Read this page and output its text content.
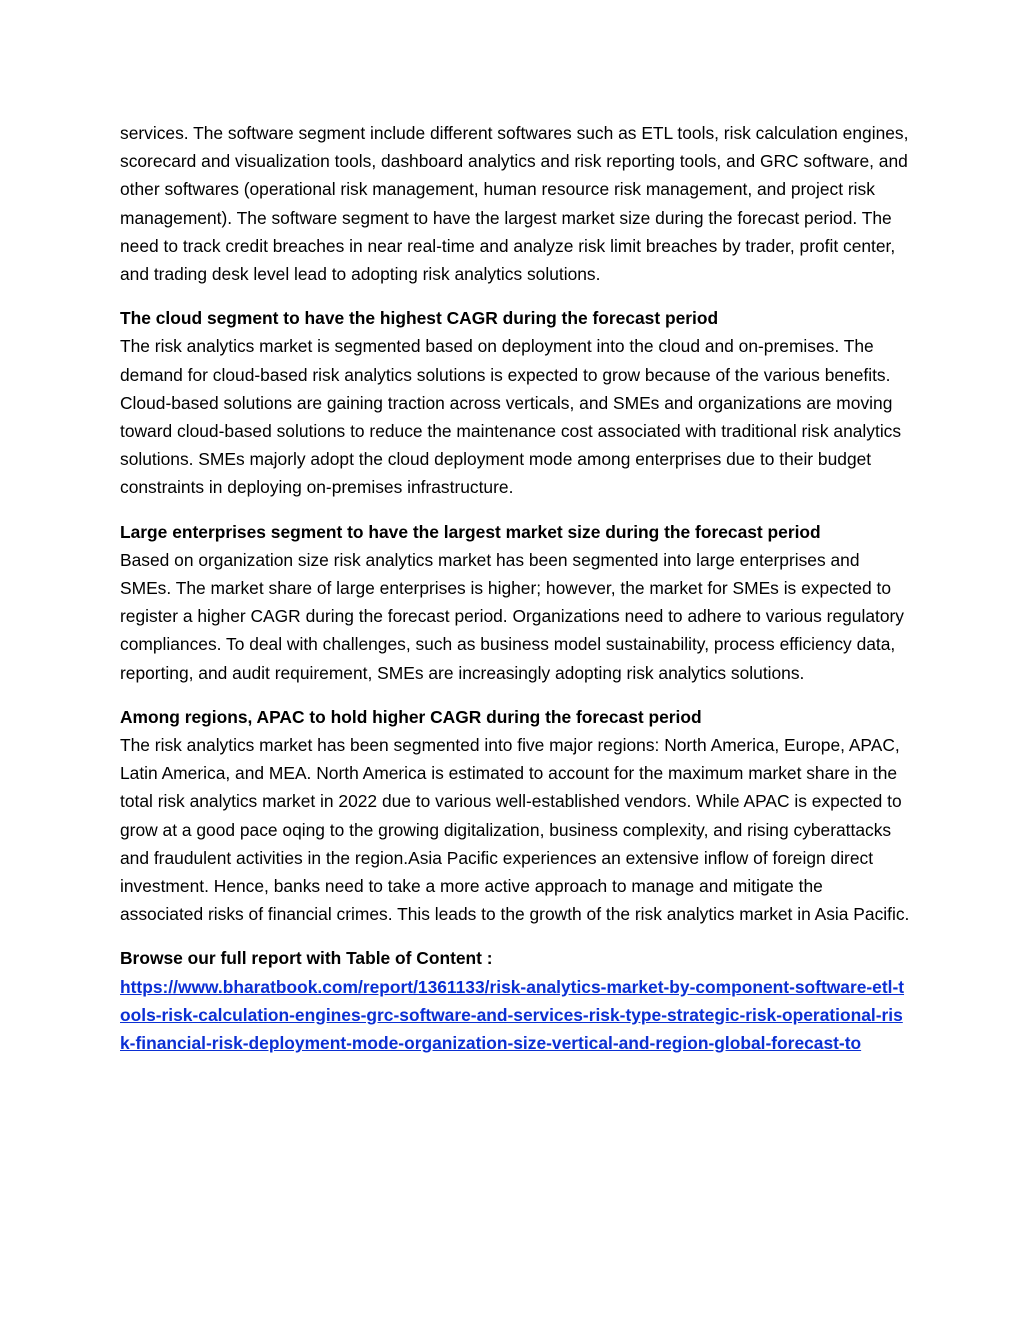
services. The software segment include different softwares such as ETL tools, risk calculation engines, scorecard and visualization tools, dashboard analytics and risk reporting tools, and GRC software, and other softwares (operational risk management, human resource risk management, and project risk management). The software segment to have the largest market size during the forecast period. The need to track credit breaches in near real-time and analyze risk limit breaches by trader, profit center, and trading desk level lead to adopting risk analytics solutions.

The cloud segment to have the highest CAGR during the forecast period
The risk analytics market is segmented based on deployment into the cloud and on-premises. The demand for cloud-based risk analytics solutions is expected to grow because of the various benefits. Cloud-based solutions are gaining traction across verticals, and SMEs and organizations are moving toward cloud-based solutions to reduce the maintenance cost associated with traditional risk analytics solutions. SMEs majorly adopt the cloud deployment mode among enterprises due to their budget constraints in deploying on-premises infrastructure.

Large enterprises segment to have the largest market size during the forecast period
Based on organization size risk analytics market has been segmented into large enterprises and SMEs. The market share of large enterprises is higher; however, the market for SMEs is expected to register a higher CAGR during the forecast period. Organizations need to adhere to various regulatory compliances. To deal with challenges, such as business model sustainability, process efficiency data, reporting, and audit requirement, SMEs are increasingly adopting risk analytics solutions.

Among regions, APAC to hold higher CAGR during the forecast period
The risk analytics market has been segmented into five major regions: North America, Europe, APAC, Latin America, and MEA. North America is estimated to account for the maximum market share in the total risk analytics market in 2022 due to various well-established vendors. While APAC is expected to grow at a good pace oqing to the growing digitalization, business complexity, and rising cyberattacks and fraudulent activities in the region.Asia Pacific experiences an extensive inflow of foreign direct investment. Hence, banks need to take a more active approach to manage and mitigate the associated risks of financial crimes. This leads to the growth of the risk analytics market in Asia Pacific.

Browse our full report with Table of Content :
https://www.bharatbook.com/report/1361133/risk-analytics-market-by-component-software-etl-tools-risk-calculation-engines-grc-software-and-services-risk-type-strategic-risk-operational-risk-financial-risk-deployment-mode-organization-size-vertical-and-region-global-forecast-to
